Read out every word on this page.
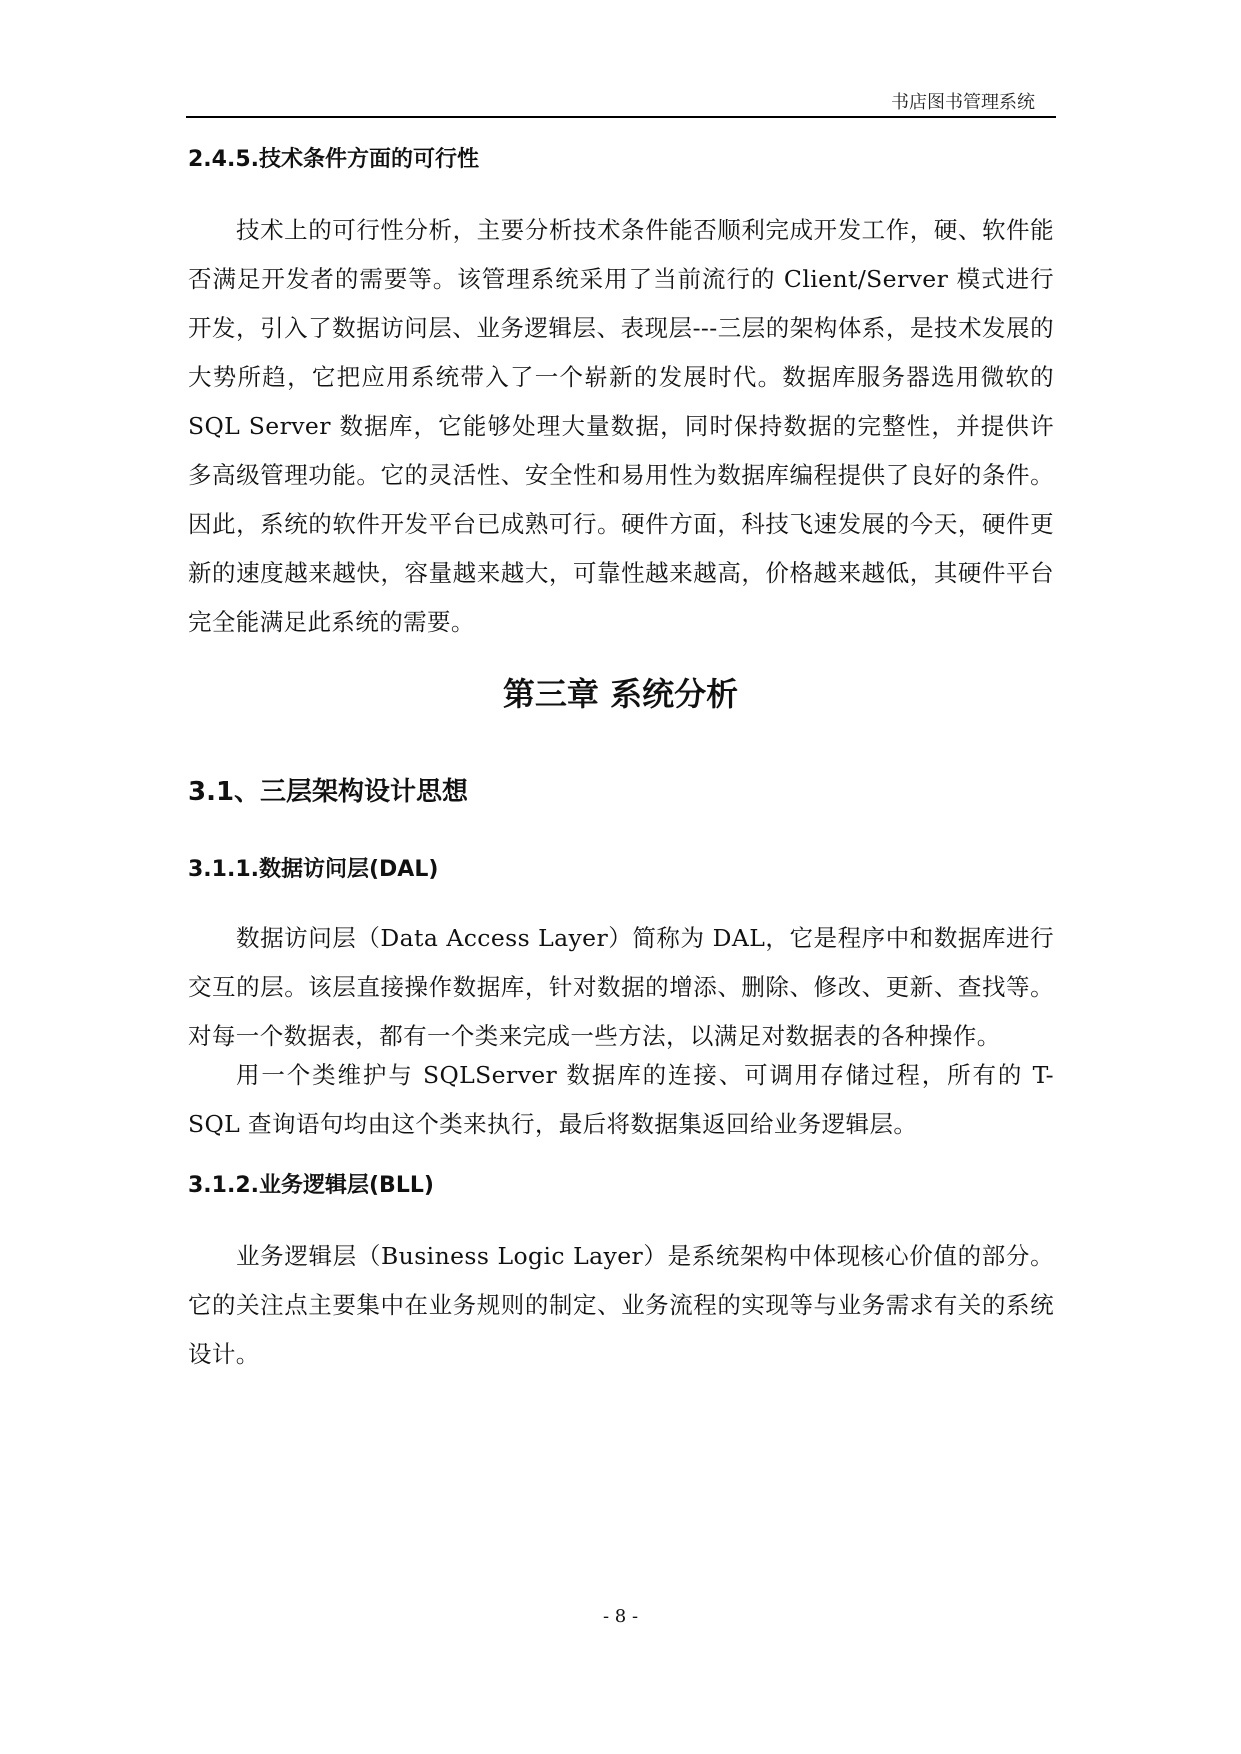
书店图书管理系统
2.4.5.技术条件方面的可行性

技术上的可行性分析，主要分析技术条件能否顺利完成开发工作，硬、软件能否满足开发者的需要等。该管理系统采用了当前流行的 Client/Server 模式进行开发，引入了数据访问层、业务逻辑层、表现层---三层的架构体系，是技术发展的大势所趋，它把应用系统带入了一个崭新的发展时代。数据库服务器选用微软的 SQL Server 数据库，它能够处理大量数据，同时保持数据的完整性，并提供许多高级管理功能。它的灵活性、安全性和易用性为数据库编程提供了良好的条件。因此，系统的软件开发平台已成熟可行。硬件方面，科技飞速发展的今天，硬件更新的速度越来越快，容量越来越大，可靠性越来越高，价格越来越低，其硬件平台完全能满足此系统的需要。

第三章 系统分析
3.1、三层架构设计思想
3.1.1.数据访问层(DAL)

数据访问层（Data Access Layer）简称为 DAL，它是程序中和数据库进行交互的层。该层直接操作数据库，针对数据的增添、删除、修改、更新、查找等。对每一个数据表，都有一个类来完成一些方法，以满足对数据表的各种操作。

用一个类维护与 SQLServer 数据库的连接、可调用存储过程，所有的 T-SQL 查询语句均由这个类来执行，最后将数据集返回给业务逻辑层。

3.1.2.业务逻辑层(BLL)

业务逻辑层（Business Logic Layer）是系统架构中体现核心价值的部分。它的关注点主要集中在业务规则的制定、业务流程的实现等与业务需求有关的系统设计。

- 8 -
